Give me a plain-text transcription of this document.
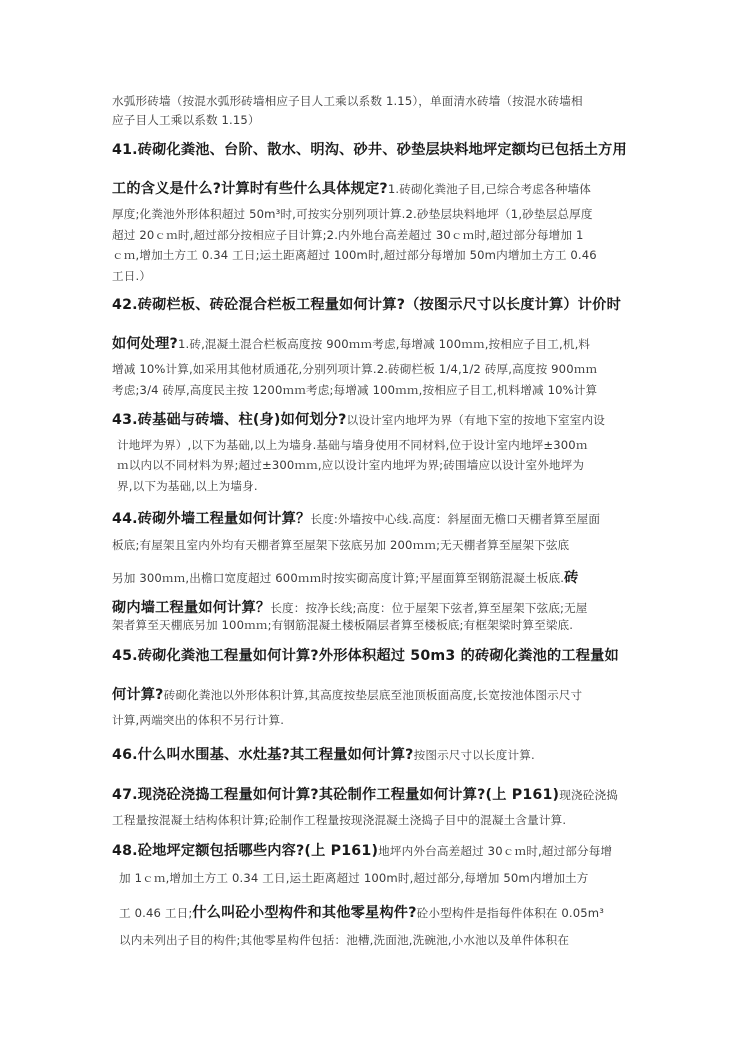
水弧形砖墙（按混水弧形砖墙相应子目人工乘以系数 1.15），单面清水砖墙（按混水砖墙相
应子目人工乘以系数 1.15）
41.砖砌化粪池、台阶、散水、明沟、砂井、砂垫层块料地坪定额均已包括土方用
工的含义是什么?计算时有些什么具体规定?1.砖砌化粪池子目,已综合考虑各种墙体
厚度;化粪池外形体积超过 50m³时,可按实分别列项计算.2.砂垫层块料地坪（1,砂垫层总厚度
超过 20ｃｍ时,超过部分按相应子目计算;2.内外地台高差超过 30ｃｍ时,超过部分每增加 1
ｃｍ,增加土方工 0.34 工日;运土距离超过 100m时,超过部分每增加 50m内增加土方工 0.46
工日.）
42.砖砌栏板、砖砼混合栏板工程量如何计算?（按图示尺寸以长度计算）计价时
如何处理?1.砖,混凝土混合栏板高度按 900ｍｍ考虑,每增减 100ｍｍ,按相应子目工,机,料
增减 10%计算,如采用其他材质通花,分别列项计算.2.砖砌栏板 1/4,1/2 砖厚,高度按 900ｍｍ
考虑;3/4 砖厚,高度民主按 1200ｍｍ考虑;每增减 100ｍｍ,按相应子目工,机料增减 10%计算
43.砖基础与砖墙、柱(身)如何划分?以设计室内地坪为界（有地下室的按地下室室内设
计地坪为界）,以下为基础,以上为墙身.基础与墙身使用不同材料,位于设计室内地坪±300ｍ
ｍ以内以不同材料为界;超过±300ｍｍ,应以设计室内地坪为界;砖围墙应以设计室外地坪为
界,以下为基础,以上为墙身.
44.砖砌外墙工程量如何计算？长度:外墙按中心线.高度：斜屋面无檐口天棚者算至屋面
板底;有屋架且室内外均有天棚者算至屋架下弦底另加 200ｍｍ;无天棚者算至屋架下弦底
另加 300ｍｍ,出檐口宽度超过 600ｍｍ时按实砌高度计算;平屋面算至钢筋混凝土板底.砖
砌内墙工程量如何计算？长度：按净长线;高度：位于屋架下弦者,算至屋架下弦底;无屋
架者算至天棚底另加 100ｍｍ;有钢筋混凝土楼板隔层者算至楼板底;有框架梁时算至梁底.
45.砖砌化粪池工程量如何计算?外形体积超过 50m3 的砖砌化粪池的工程量如
何计算?砖砌化粪池以外形体积计算,其高度按垫层底至池顶板面高度,长宽按池体图示尺寸
计算,两端突出的体积不另行计算.
46.什么叫水围基、水灶基?其工程量如何计算?按图示尺寸以长度计算.
47.现浇砼浇捣工程量如何计算?其砼制作工程量如何计算?(上 P161)现浇砼浇捣
工程量按混凝土结构体积计算;砼制作工程量按现浇混凝土浇捣子目中的混凝土含量计算.
48.砼地坪定额包括哪些内容?(上 P161)地坪内外台高差超过 30ｃｍ时,超过部分每增
加 1ｃｍ,增加土方工 0.34 工日,运土距离超过 100m时,超过部分,每增加 50m内增加土方
工 0.46 工日;什么叫砼小型构件和其他零星构件?砼小型构件是指每件体积在 0.05m³
以内未列出子目的构件;其他零星构件包括：池槽,洗面池,洗碗池,小水池以及单件体积在
